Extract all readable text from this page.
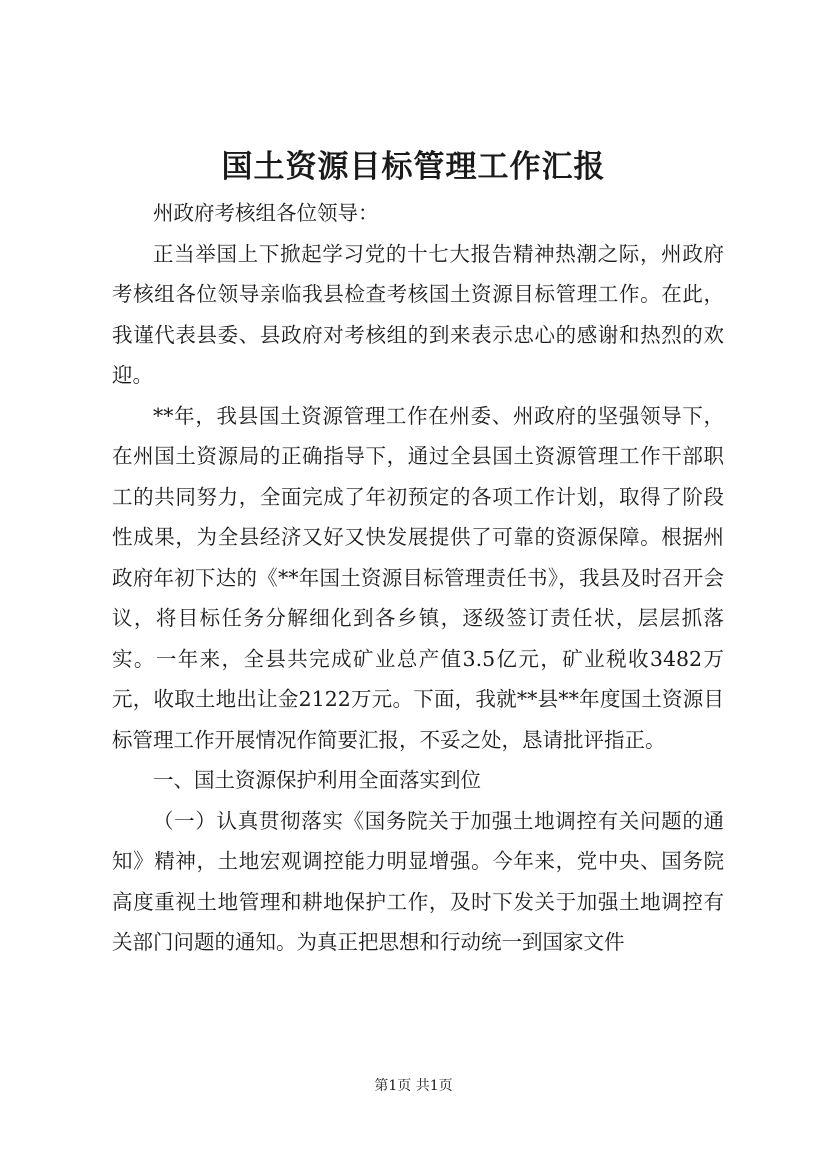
国土资源目标管理工作汇报

州政府考核组各位领导：

正当举国上下掀起学习党的十七大报告精神热潮之际，州政府考核组各位领导亲临我县检查考核国土资源目标管理工作。在此，我谨代表县委、县政府对考核组的到来表示忠心的感谢和热烈的欢迎。

**年，我县国土资源管理工作在州委、州政府的坚强领导下，在州国土资源局的正确指导下，通过全县国土资源管理工作干部职工的共同努力，全面完成了年初预定的各项工作计划，取得了阶段性成果，为全县经济又好又快发展提供了可靠的资源保障。根据州政府年初下达的《**年国土资源目标管理责任书》，我县及时召开会议，将目标任务分解细化到各乡镇，逐级签订责任状，层层抓落实。一年来，全县共完成矿业总产值3.5亿元，矿业税收3482万元，收取土地出让金2122万元。下面，我就**县**年度国土资源目标管理工作开展情况作简要汇报，不妥之处，恳请批评指正。

一、国土资源保护利用全面落实到位

（一）认真贯彻落实《国务院关于加强土地调控有关问题的通知》精神，土地宏观调控能力明显增强。今年来，党中央、国务院高度重视土地管理和耕地保护工作，及时下发关于加强土地调控有关部门问题的通知。为真正把思想和行动统一到国家文件

第1页 共1页
